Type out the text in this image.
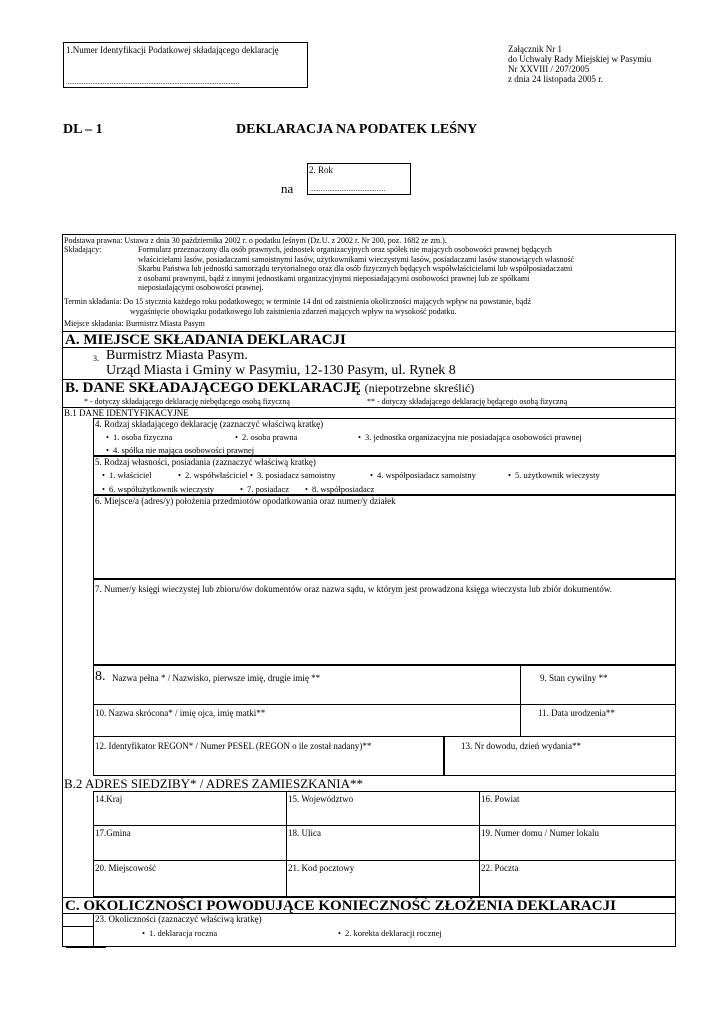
1.Numer Identyfikacji Podatkowej składającego deklarację
...................................................................................................
Załącznik Nr 1
do Uchwały Rady Miejskiej w Pasymiu
Nr XXVIII / 207/2005
z dnia 24 listopada 2005 r.
DL – 1	DEKLARACJA NA PODATEK LEŚNY
na
2. Rok
...........................................
Podstawa prawna: Ustawa z dnia 30 października 2002 r. o podatku leśnym (Dz.U. z 2002 r. Nr 200, poz. 1682 ze zm.).
Składający:	Formularz przeznaczony dla osób prawnych, jednostek organizacyjnych oraz spółek nie mających osobowości prawnej będących
właścicielami lasów, posiadaczami samoistnymi lasów, użytkownikami wieczystymi lasów, posiadaczami lasów stanowiących własność
Skarbu Państwa lub jednostki samorządu terytorialnego oraz dla osób fizycznych będących współwłaścicielami lub współposiadaczami
z osobami prawnymi, bądź z innymi jednostkami organizacyjnymi nieposiadającymi osobowości prawnej lub ze spółkami
nieposiadającymi osobowości prawnej.
Termin składania: Do 15 stycznia każdego roku podatkowego; w terminie 14 dni od zaistnienia okoliczności mających wpływ na powstanie, bądź
wygaśnięcie obowiązku podatkowego lub zaistnienia zdarzeń mających wpływ na wysokość podatku.
Miejsce składania: Burmistrz Miasta Pasym
A. MIEJSCE SKŁADANIA DEKLARACJI
3. Burmistrz Miasta Pasym.
Urząd Miasta i Gminy w Pasymiu, 12-130 Pasym, ul. Rynek 8
B. DANE SKŁADAJĄCEGO DEKLARACJĘ (niepotrzebne skreślić)
* - dotyczy składającego deklarację niebędącego osobą fizyczną	** - dotyczy składającego deklarację będącego osobą fizyczną
B.1 DANE IDENTYFIKACYJNE
4. Rodzaj składającego deklarację (zaznaczyć właściwą kratkę)
• 1. osoba fizyczna	• 2. osoba prawna	• 3. jednostka organizacyjna nie posiadająca osobowości prawnej
• 4. spółka nie mająca osobowości prawnej
5. Rodzaj własności, posiadania (zaznaczyć właściwą kratkę)
• 1. właściciel	• 2. współwłaściciel • 3. posiadacz samoistny	• 4. współposiadacz samoistny	• 5. użytkownik wieczysty
• 6. współużytkownik wieczysty	• 7. posiadacz • 8. współposiadacz
6. Miejsce/a (adres/y) położenia przedmiotów opodatkowania oraz numer/y działek
7. Numer/y księgi wieczystej lub zbioru/ów dokumentów oraz nazwa sądu, w którym jest prowadzona księga wieczysta lub zbiór dokumentów.
8. Nazwa pełna * / Nazwisko, pierwsze imię, drugie imię **	9. Stan cywilny **
10. Nazwa skrócona* / imię ojca, imię matki**	11. Data urodzenia**
12. Identyfikator REGON* / Numer PESEL (REGON o ile został nadany)**	13. Nr dowodu, dzień wydania**
B.2 ADRES SIEDZIBY* / ADRES ZAMIESZKANIA**
14.Kraj	15. Województwo	16. Powiat
17.Gmina	18. Ulica	19. Numer domu / Numer lokalu
20. Miejscowość	21. Kod pocztowy	22. Poczta
C. OKOLICZNOŚCI POWODUJĄCE KONIECZNOŚĆ ZŁOŻENIA DEKLARACJI
23. Okoliczności (zaznaczyć właściwą kratkę)
• 1. deklaracja roczna	• 2. korekta deklaracji rocznej
